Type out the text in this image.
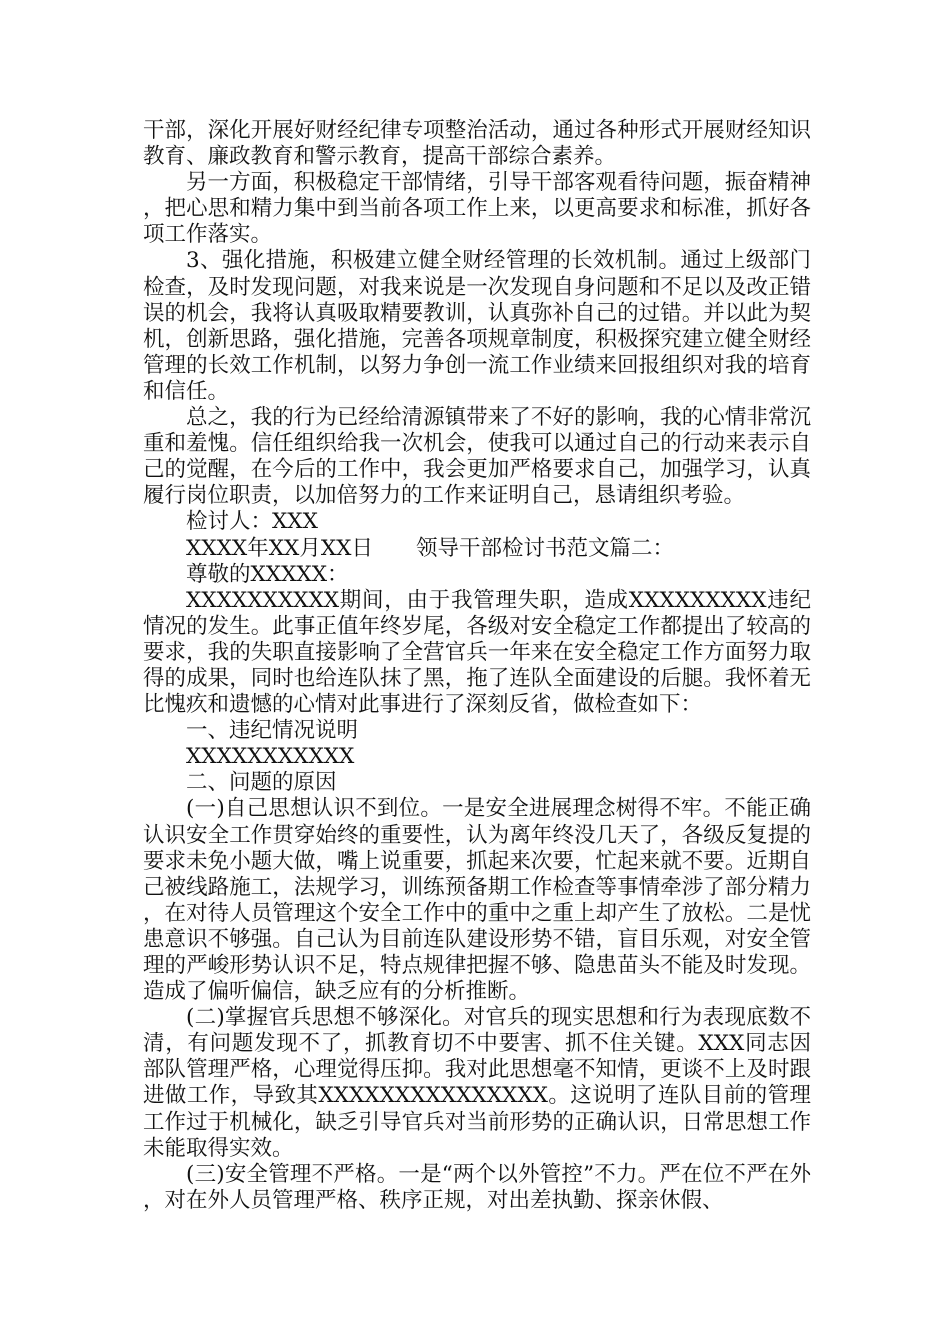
干部，深化开展好财经纪律专项整治活动，通过各种形式开展财经知识教育、廉政教育和警示教育，提高干部综合素养。

另一方面，积极稳定干部情绪，引导干部客观看待问题，振奋精神，把心思和精力集中到当前各项工作上来，以更高要求和标准，抓好各项工作落实。

3、强化措施，积极建立健全财经管理的长效机制。通过上级部门检查，及时发现问题，对我来说是一次发现自身问题和不足以及改正错误的机会，我将认真吸取精要教训，认真弥补自己的过错。并以此为契机，创新思路，强化措施，完善各项规章制度，积极探究建立健全财经管理的长效工作机制，以努力争创一流工作业绩来回报组织对我的培育和信任。

总之，我的行为已经给清源镇带来了不好的影响，我的心情非常沉重和羞愧。信任组织给我一次机会，使我可以通过自己的行动来表示自己的觉醒，在今后的工作中，我会更加严格要求自己，加强学习，认真履行岗位职责，以加倍努力的工作来证明自己，恳请组织考验。

检讨人：XXX

XXXX年XX月XX日　　领导干部检讨书范文篇二：

尊敬的XXXXX：

XXXXXXXXXX期间，由于我管理失职，造成XXXXXXXXX违纪情况的发生。此事正值年终岁尾，各级对安全稳定工作都提出了较高的要求，我的失职直接影响了全营官兵一年来在安全稳定工作方面努力取得的成果，同时也给连队抹了黑，拖了连队全面建设的后腿。我怀着无比愧疚和遗憾的心情对此事进行了深刻反省，做检查如下：

一、违纪情况说明

XXXXXXXXXXX

二、问题的原因

(一)自己思想认识不到位。一是安全进展理念树得不牢。不能正确认识安全工作贯穿始终的重要性，认为离年终没几天了，各级反复提的要求未免小题大做，嘴上说重要，抓起来次要，忙起来就不要。近期自己被线路施工，法规学习，训练预备期工作检查等事情牵涉了部分精力，在对待人员管理这个安全工作中的重中之重上却产生了放松。二是忧患意识不够强。自己认为目前连队建设形势不错，盲目乐观，对安全管理的严峻形势认识不足，特点规律把握不够、隐患苗头不能及时发现。造成了偏听偏信，缺乏应有的分析推断。

(二)掌握官兵思想不够深化。对官兵的现实思想和行为表现底数不清，有问题发现不了，抓教育切不中要害、抓不住关键。XXX同志因部队管理严格，心理觉得压抑。我对此思想毫不知情，更谈不上及时跟进做工作，导致其XXXXXXXXXXXXXXX。这说明了连队目前的管理工作过于机械化，缺乏引导官兵对当前形势的正确认识，日常思想工作未能取得实效。

(三)安全管理不严格。一是“两个以外管控”不力。严在位不严在外，对在外人员管理严格、秩序正规，对出差执勤、探亲休假、
